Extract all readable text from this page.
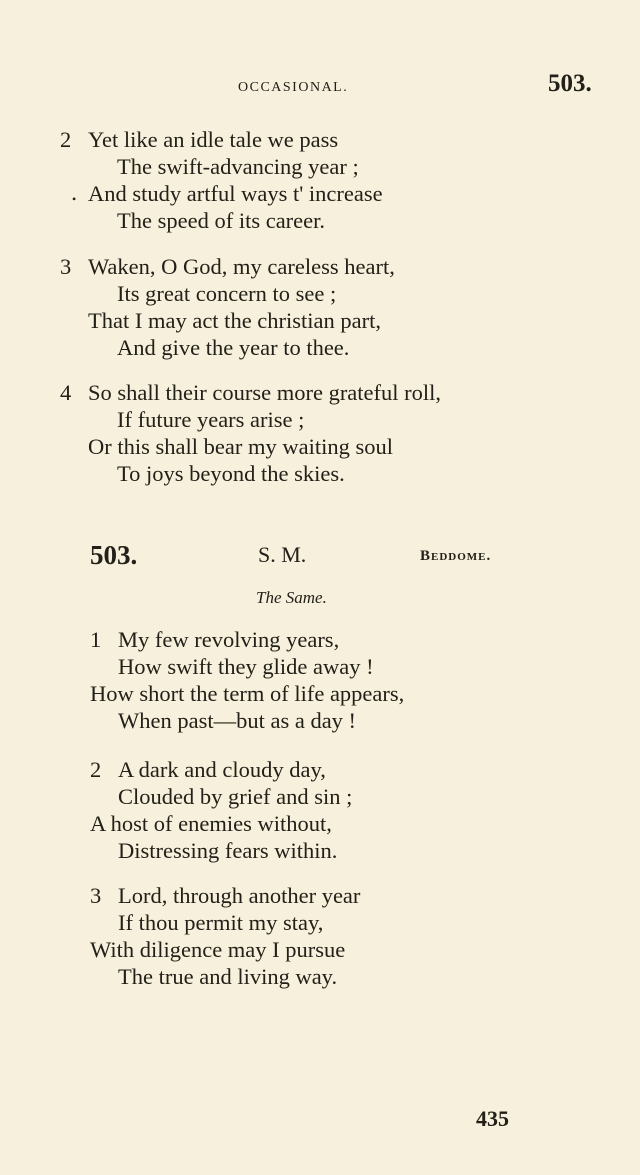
OCCASIONAL.	503.
•
2 Yet like an idle tale we pass
The swift-advancing year ;
And study artful ways t' increase
The speed of its career.
3 Waken, O God, my careless heart,
Its great concern to see ;
That I may act the christian part,
And give the year to thee.
4 So shall their course more grateful roll,
If future years arise ;
Or this shall bear my waiting soul
To joys beyond the skies.
503.	S. M.	Beddome.
The Same.
1 My few revolving years,
How swift they glide away !
How short the term of life appears,
When past—but as a day !
2 A dark and cloudy day,
Clouded by grief and sin ;
A host of enemies without,
Distressing fears within.
3 Lord, through another year
If thou permit my stay,
With diligence may I pursue
The true and living way.
435
